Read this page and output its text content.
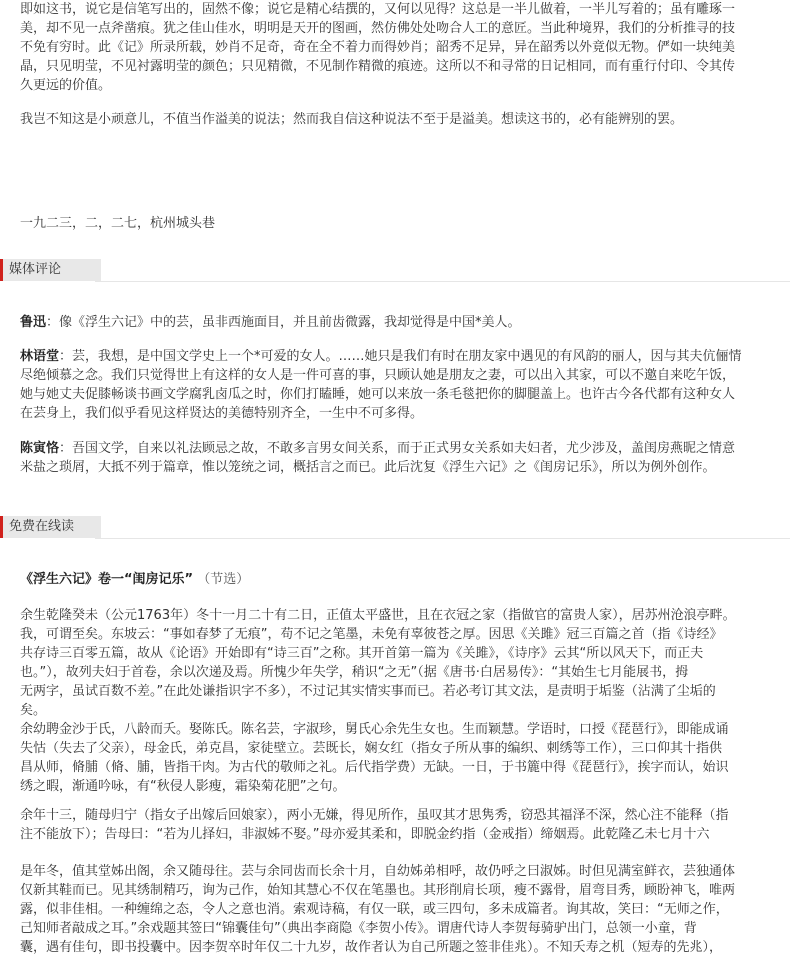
即如这书，说它是信笔写出的，固然不像；说它是精心结撰的，又何以见得？这总是一半儿做着，一半儿写着的；虽有雕琢一
美，却不见一点斧凿痕。犹之佳山佳水，明明是天开的图画，然仿佛处处吻合人工的意匠。当此种境界，我们的分析推寻的技
不免有穷时。此《记》所录所载，妙肖不足奇，奇在全不着力而得妙肖；韶秀不足异，异在韶秀以外竟似无物。俨如一块纯美
晶，只见明莹，不见衬露明莹的颜色；只见精微，不见制作精微的痕迹。这所以不和寻常的日记相同，而有重行付印、令其传
久更远的价值。
我岂不知这是小顽意儿，不值当作溢美的说法；然而我自信这种说法不至于是溢美。想读这书的，必有能辨别的罢。
一九二三，二，二七，杭州城头巷
媒体评论
鲁迅：像《浮生六记》中的芸，虽非西施面目，并且前齿微露，我却觉得是中国*美人。
林语堂：芸，我想，是中国文学史上一个*可爱的女人。……她只是我们有时在朋友家中遇见的有风韵的丽人，因与其夫伉俪情
尽绝倾慕之念。我们只觉得世上有这样的女人是一件可喜的事，只顾认她是朋友之妻，可以出入其家，可以不邀自来吃午饭，
她与她丈夫促膝畅谈书画文学腐乳卤瓜之时，你们打瞌睡，她可以来放一条毛毯把你的脚腿盖上。也许古今各代都有这种女人
在芸身上，我们似乎看见这样贤达的美德特别齐全，一生中不可多得。
陈寅恪：吾国文学，自来以礼法顾忌之故，不敢多言男女间关系，而于正式男女关系如夫妇者，尤少涉及，盖闺房燕昵之情意
米盐之琐屑，大抵不列于篇章，惟以笼统之词，概括言之而已。此后沈复《浮生六记》之《闺房记乐》，所以为例外创作。
免费在线读
《浮生六记》卷一“闺房记乐” （节选）
余生乾隆癸未（公元1763年）冬十一月二十有二日，正值太平盛世，且在衣冠之家（指做官的富贵人家），居苏州沧浪亭畔。
我，可谓至矣。东坡云：“事如春梦了无痕”，苟不记之笔墨，未免有辜彼苍之厚。因思《关雎》冠三百篇之首（指《诗经》
共存诗三百零五篇，故从《论语》开始即有“诗三百”之称。其开首第一篇为《关雎》，《诗序》云其“所以风天下，而正夫
也。”），故列夫妇于首卷，余以次递及焉。所愧少年失学，稍识“之无”（据《唐书·白居易传》：“其始生七月能展书，拇
无两字，虽试百数不差。”在此处谦指识字不多），不过记其实情实事而已。若必考订其文法，是责明于垢鉴（沾满了尘垢的
矣。
余幼聘金沙于氏，八龄而夭。娶陈氏。陈名芸，字淑珍，舅氏心余先生女也。生而颖慧。学语时，口授《琵琶行》，即能成诵
失怙（失去了父亲），母金氏，弟克昌，家徒壁立。芸既长，娴女红（指女子所从事的编织、刺绣等工作），三口仰其十指供
昌从师，脩脯（脩、脯，皆指干肉。为古代的敬师之礼。后代指学费）无缺。一日，于书簏中得《琵琶行》，挨字而认，始识
绣之暇，渐通吟咏，有“秋侵人影瘦，霜染菊花肥”之句。
余年十三，随母归宁（指女子出嫁后回娘家），两小无嫌，得见所作，虽叹其才思隽秀，窃恐其福泽不深，然心注不能释（指
注不能放下）；告母曰：“若为儿择妇，非淑姊不娶。”母亦爱其柔和，即脱金约指（金戒指）缔姻焉。此乾隆乙未七月十六
是年冬，值其堂姊出阁，余又随母往。芸与余同齿而长余十月，自幼姊弟相呼，故仍呼之曰淑姊。时但见满室鲜衣，芸独通体
仅新其鞋而已。见其绣制精巧，询为己作，始知其慧心不仅在笔墨也。其形削肩长项，瘦不露骨，眉弯目秀，顾盼神飞，唯两
露，似非佳相。一种缠绵之态，令人之意也消。索观诗稿，有仅一联，或三四句，多未成篇者。询其故，笑曰：“无师之作，
己知师者敲成之耳。”余戏题其签曰“锦囊佳句”（典出李商隐《李贺小传》。谓唐代诗人李贺每骑驴出门，总领一小童，背
囊，遇有佳句，即书投囊中。因李贺卒时年仅二十九岁，故作者认为自己所题之签非佳兆）。不知夭寿之机（短寿的先兆），
